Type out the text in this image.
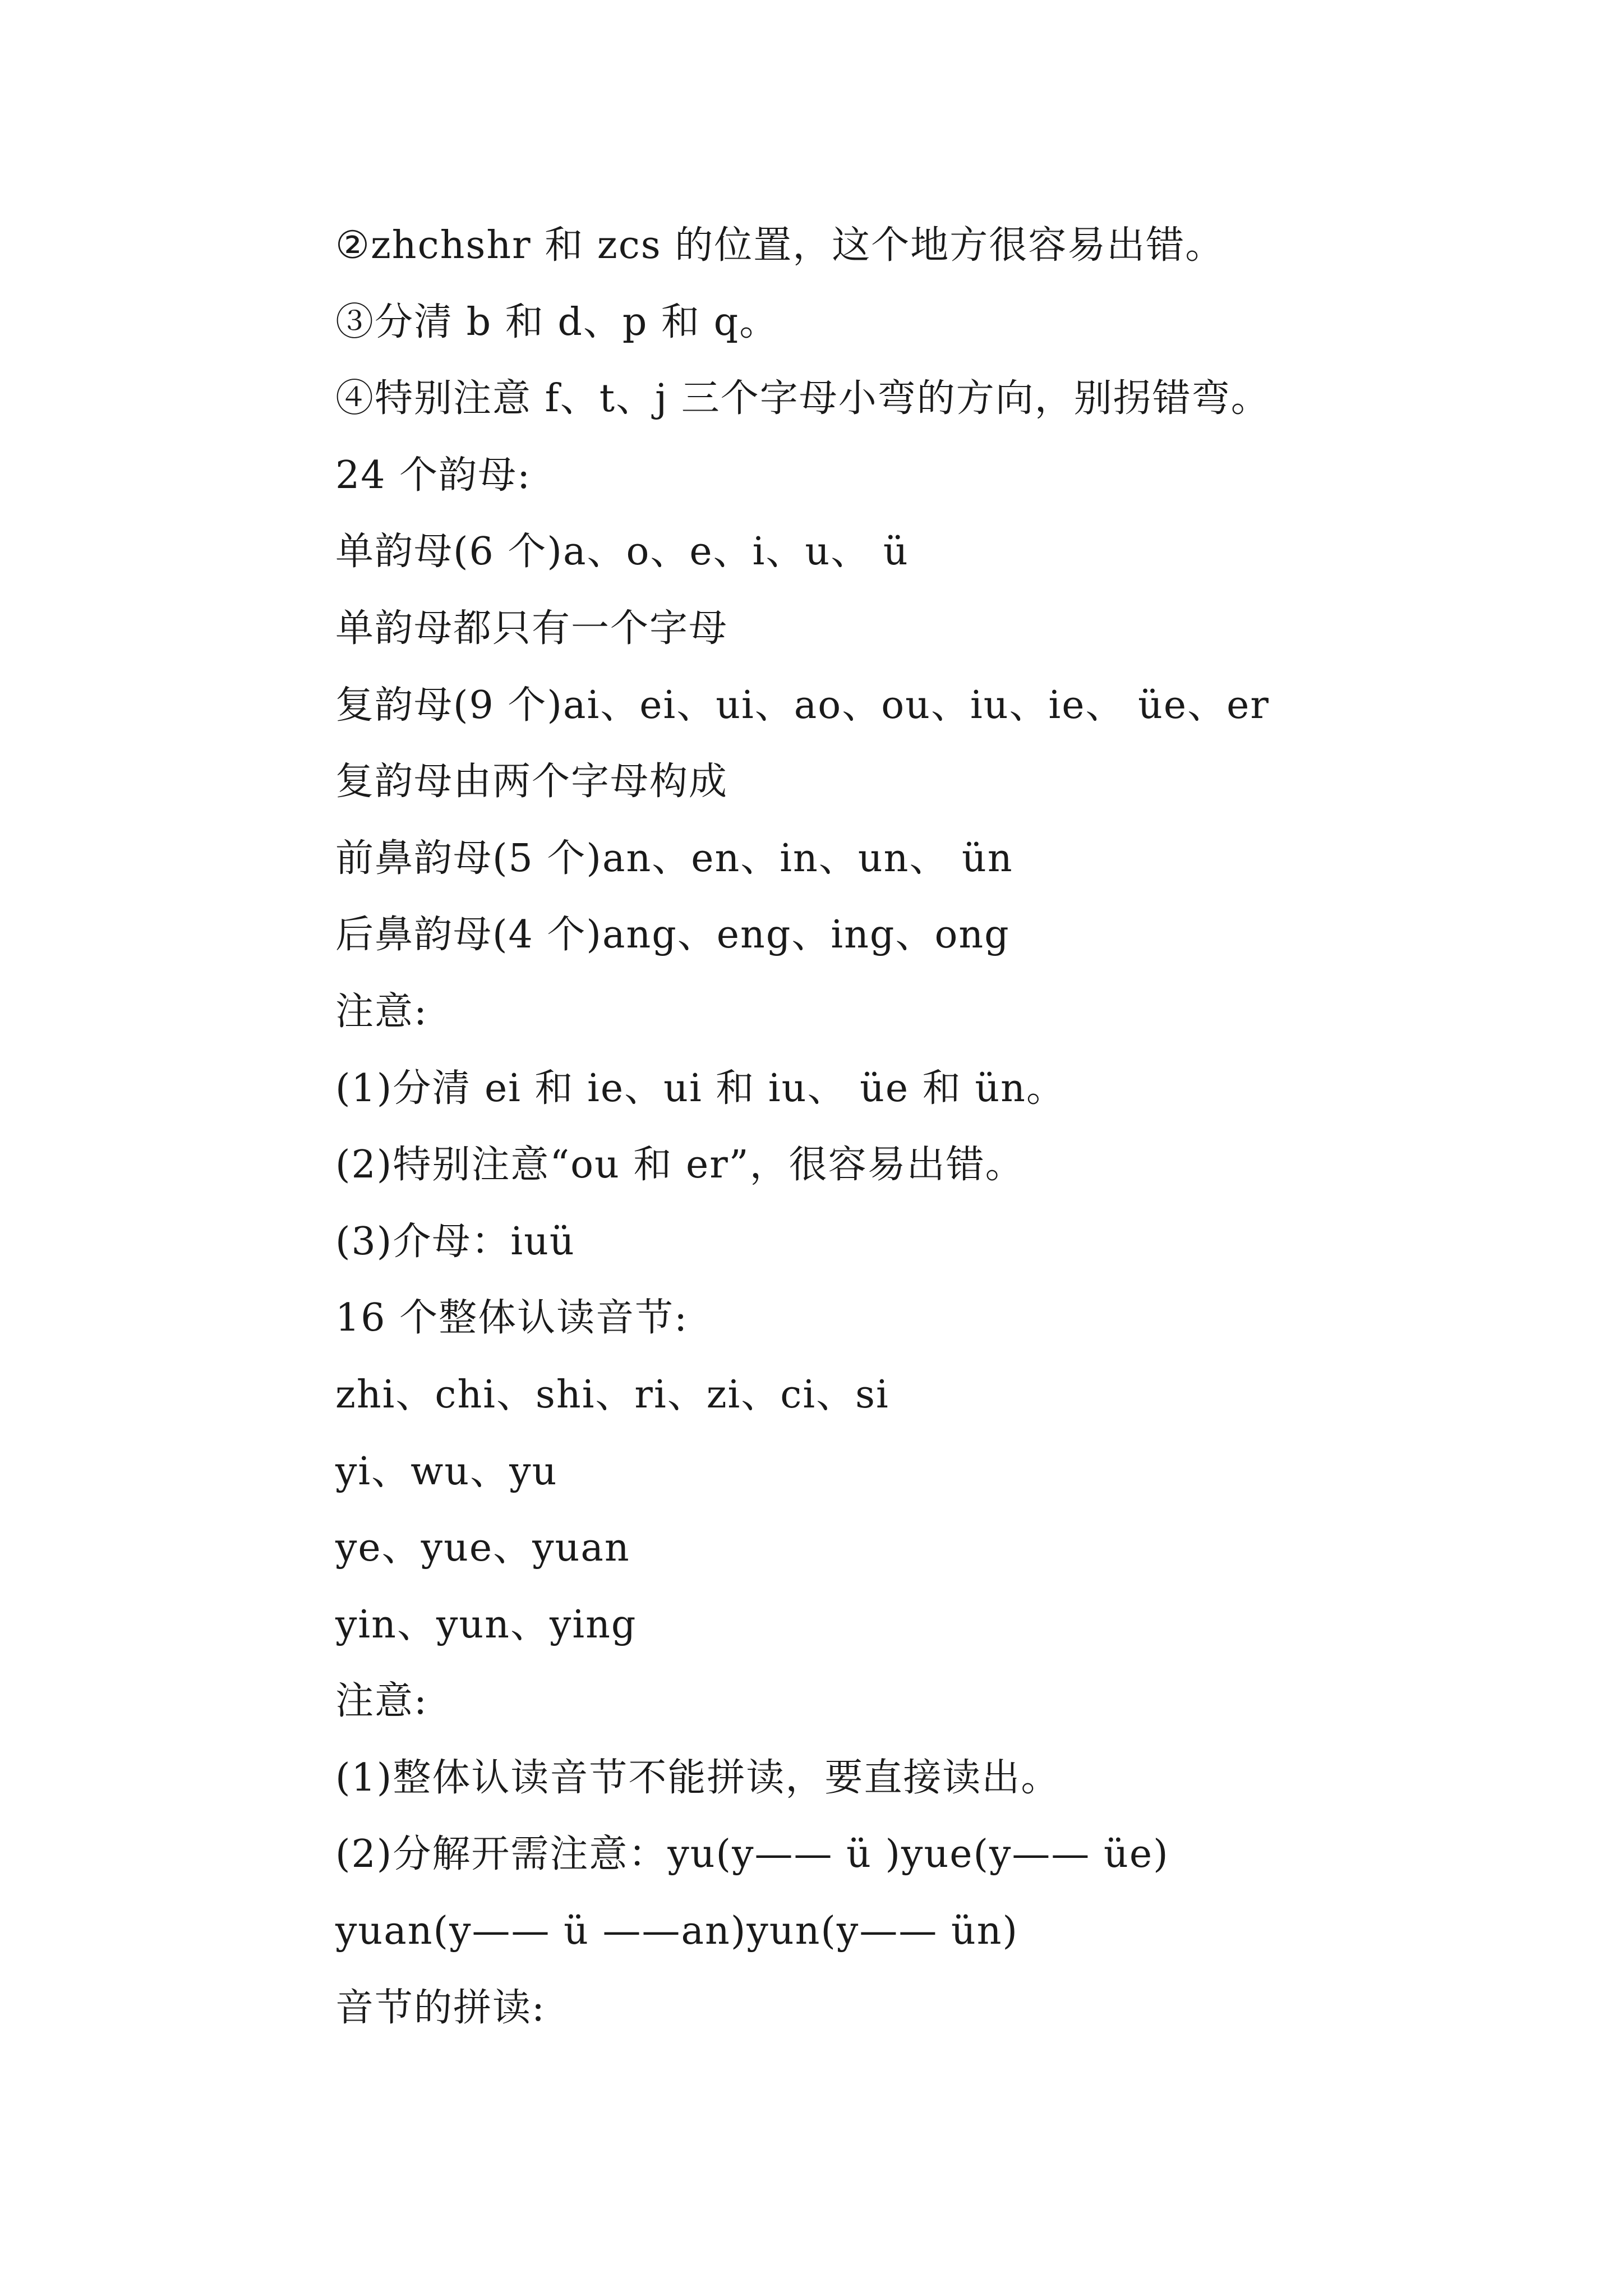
②zhchshr 和 zcs 的位置，这个地方很容易出错。
③分清 b 和 d、p 和 q。
④特别注意 f、t、j 三个字母小弯的方向，别拐错弯。
24 个韵母:
单韵母(6 个)a、o、e、i、u、 ü
单韵母都只有一个字母
复韵母(9 个)ai、ei、ui、ao、ou、iu、ie、 üe、er
复韵母由两个字母构成
前鼻韵母(5 个)an、en、in、un、 ün
后鼻韵母(4 个)ang、eng、ing、ong
注意:
(1)分清 ei 和 ie、ui 和 iu、 üe 和 ün。
(2)特别注意“ou 和 er”，很容易出错。
(3)介母：iuü
16 个整体认读音节:
zhi、chi、shi、ri、zi、ci、si
yi、wu、yu
ye、yue、yuan
yin、yun、ying
注意:
(1)整体认读音节不能拼读，要直接读出。
(2)分解开需注意：yu(y—— ü )yue(y—— üe)
yuan(y—— ü ——an)yun(y—— ün)
音节的拼读:
